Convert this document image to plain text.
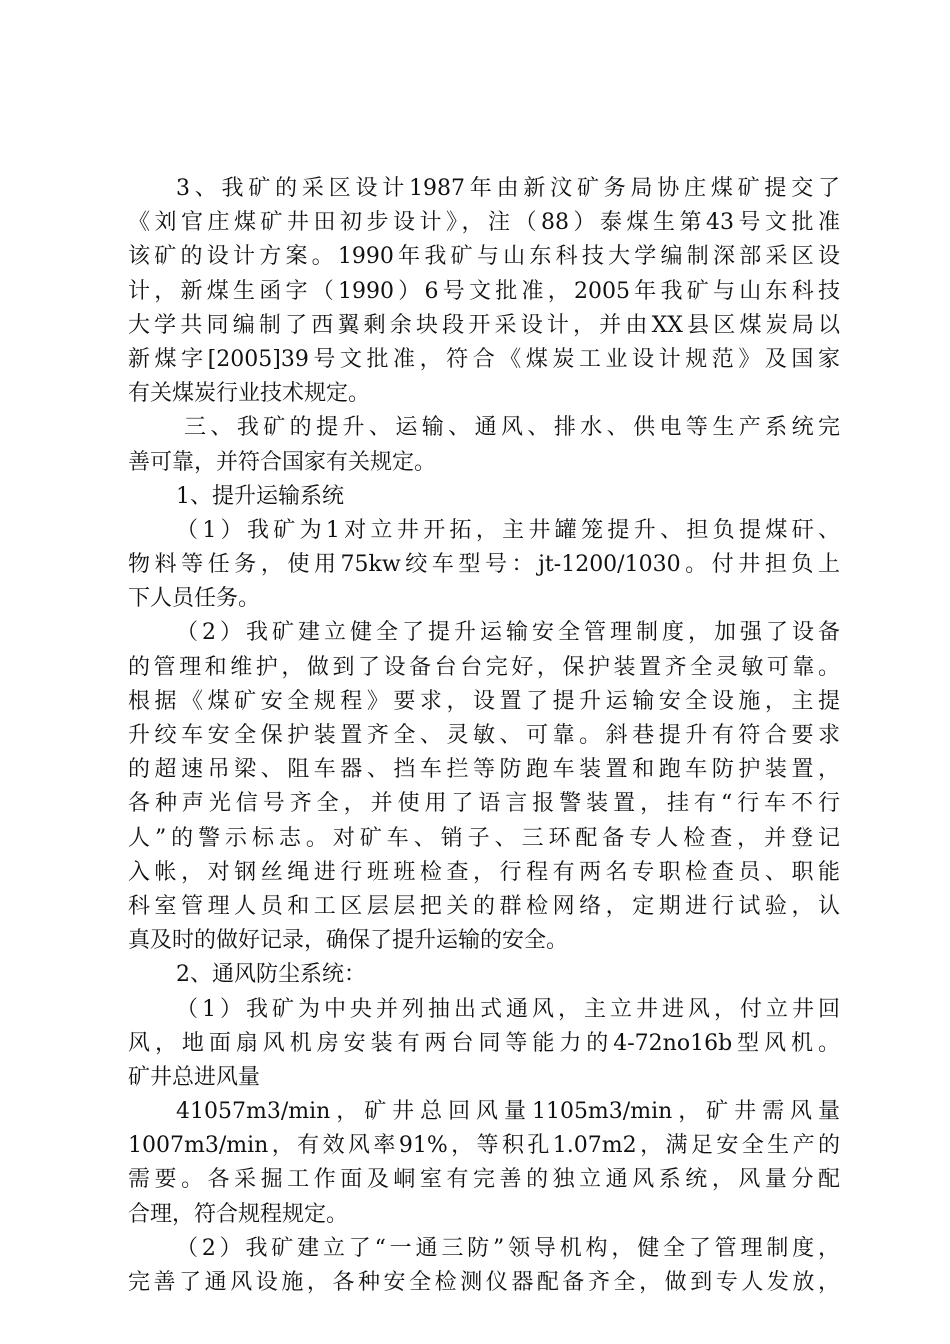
3、我矿的采区设计1987年由新汶矿务局协庄煤矿提交了
《刘官庄煤矿井田初步设计》，注（88）泰煤生第43号文批准
该矿的设计方案。1990年我矿与山东科技大学编制深部采区设
计，新煤生函字（1990）6号文批准，2005年我矿与山东科技
大学共同编制了西翼剩余块段开采设计，并由XX县区煤炭局以
新煤字[2005]39号文批准，符合《煤炭工业设计规范》及国家
有关煤炭行业技术规定。
三、我矿的提升、运输、通风、排水、供电等生产系统完
善可靠，并符合国家有关规定。
1、提升运输系统
（1）我矿为1对立井开拓，主井罐笼提升、担负提煤矸、
物料等任务，使用75kw绞车型号：jt-1200/1030。付井担负上
下人员任务。
（2）我矿建立健全了提升运输安全管理制度，加强了设备
的管理和维护，做到了设备台台完好，保护装置齐全灵敏可靠。
根据《煤矿安全规程》要求，设置了提升运输安全设施，主提
升绞车安全保护装置齐全、灵敏、可靠。斜巷提升有符合要求
的超速吊梁、阻车器、挡车拦等防跑车装置和跑车防护装置，
各种声光信号齐全，并使用了语言报警装置，挂有“行车不行
人”的警示标志。对矿车、销子、三环配备专人检查，并登记
入帐，对钢丝绳进行班班检查，行程有两名专职检查员、职能
科室管理人员和工区层层把关的群检网络，定期进行试验，认
真及时的做好记录，确保了提升运输的安全。
2、通风防尘系统：
（1）我矿为中央并列抽出式通风，主立井进风，付立井回
风，地面扇风机房安装有两台同等能力的4-72no16b型风机。
矿井总进风量
41057m3/min，矿井总回风量1105m3/min，矿井需风量
1007m3/min，有效风率91%，等积孔1.07m2，满足安全生产的
需要。各采掘工作面及峒室有完善的独立通风系统，风量分配
合理，符合规程规定。
（2）我矿建立了“一通三防”领导机构，健全了管理制度，
完善了通风设施，各种安全检测仪器配备齐全，做到专人发放，
